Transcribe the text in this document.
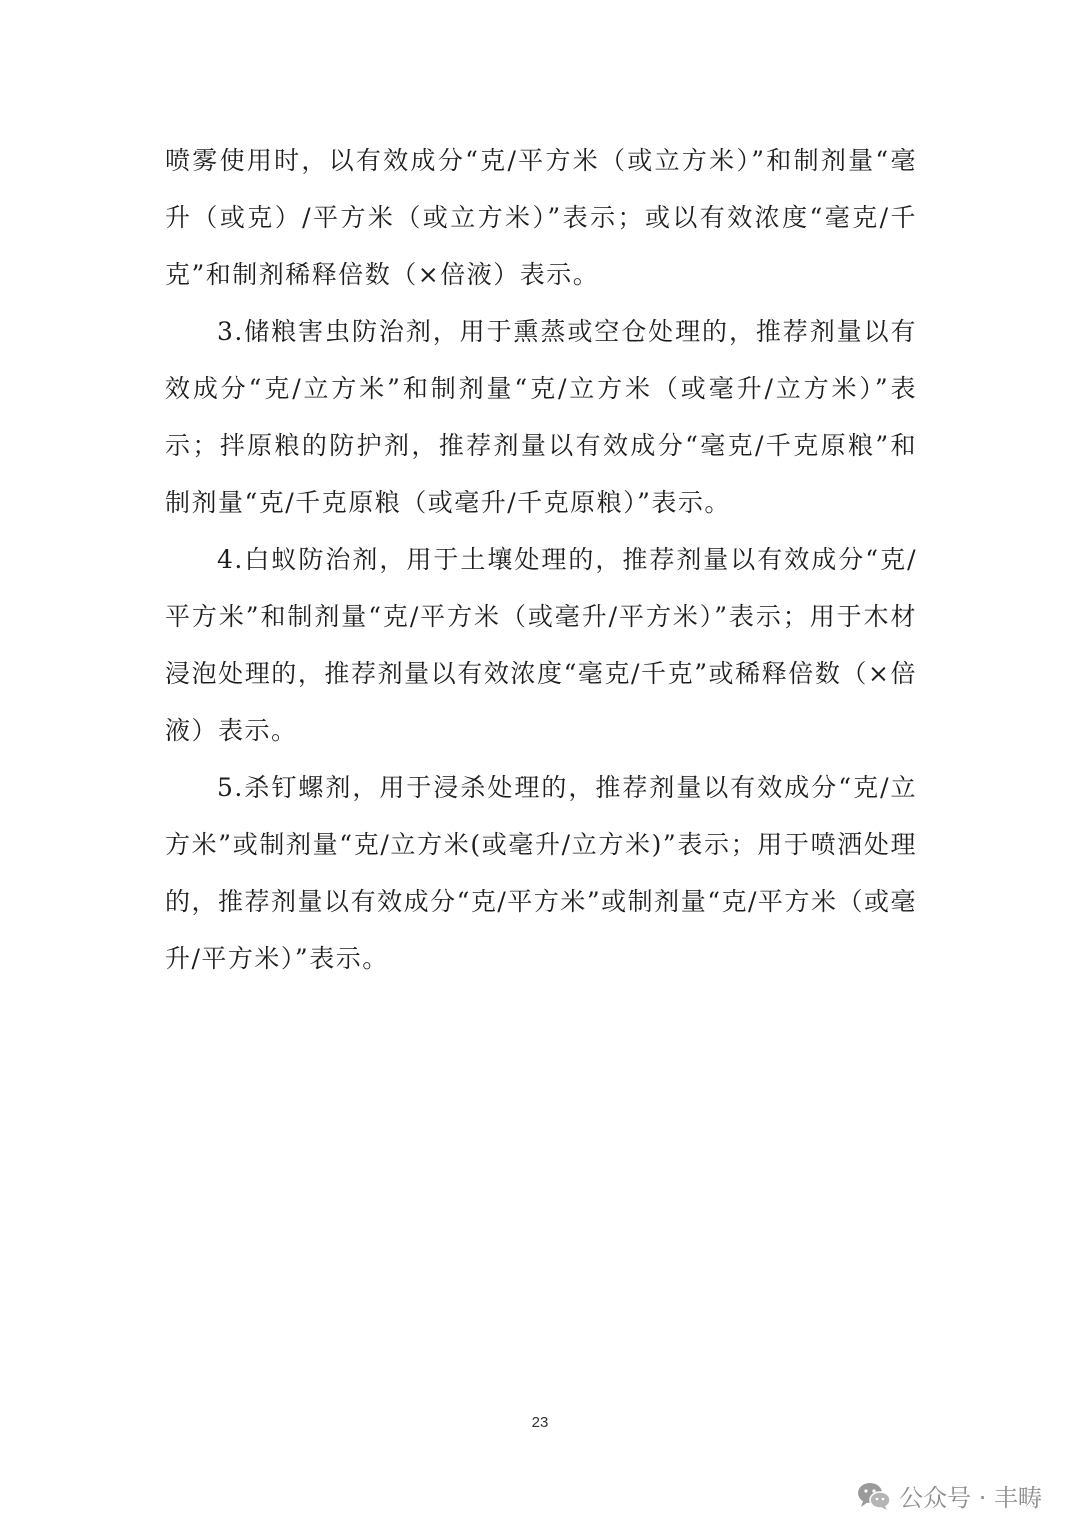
喷雾使用时，以有效成分“克/平方米（或立方米）”和制剂量“毫升（或克）/平方米（或立方米）”表示；或以有效浓度“毫克/千克”和制剂稀释倍数（×倍液）表示。

3.储粮害虫防治剂，用于熏蒸或空仓处理的，推荐剂量以有效成分“克/立方米”和制剂量“克/立方米（或毫升/立方米）”表示；拌原粮的防护剂，推荐剂量以有效成分“毫克/千克原粮”和制剂量“克/千克原粮（或毫升/千克原粮）”表示。

4.白蚁防治剂，用于土壤处理的，推荐剂量以有效成分“克/平方米”和制剂量“克/平方米（或毫升/平方米）”表示；用于木材浸泡处理的，推荐剂量以有效浓度“毫克/千克”或稀释倍数（×倍液）表示。

5.杀钉螺剂，用于浸杀处理的，推荐剂量以有效成分“克/立方米”或制剂量“克/立方米(或毫升/立方米)”表示；用于喷洒处理的，推荐剂量以有效成分“克/平方米”或制剂量“克/平方米（或毫升/平方米）”表示。

23
公众号 · 丰畴
